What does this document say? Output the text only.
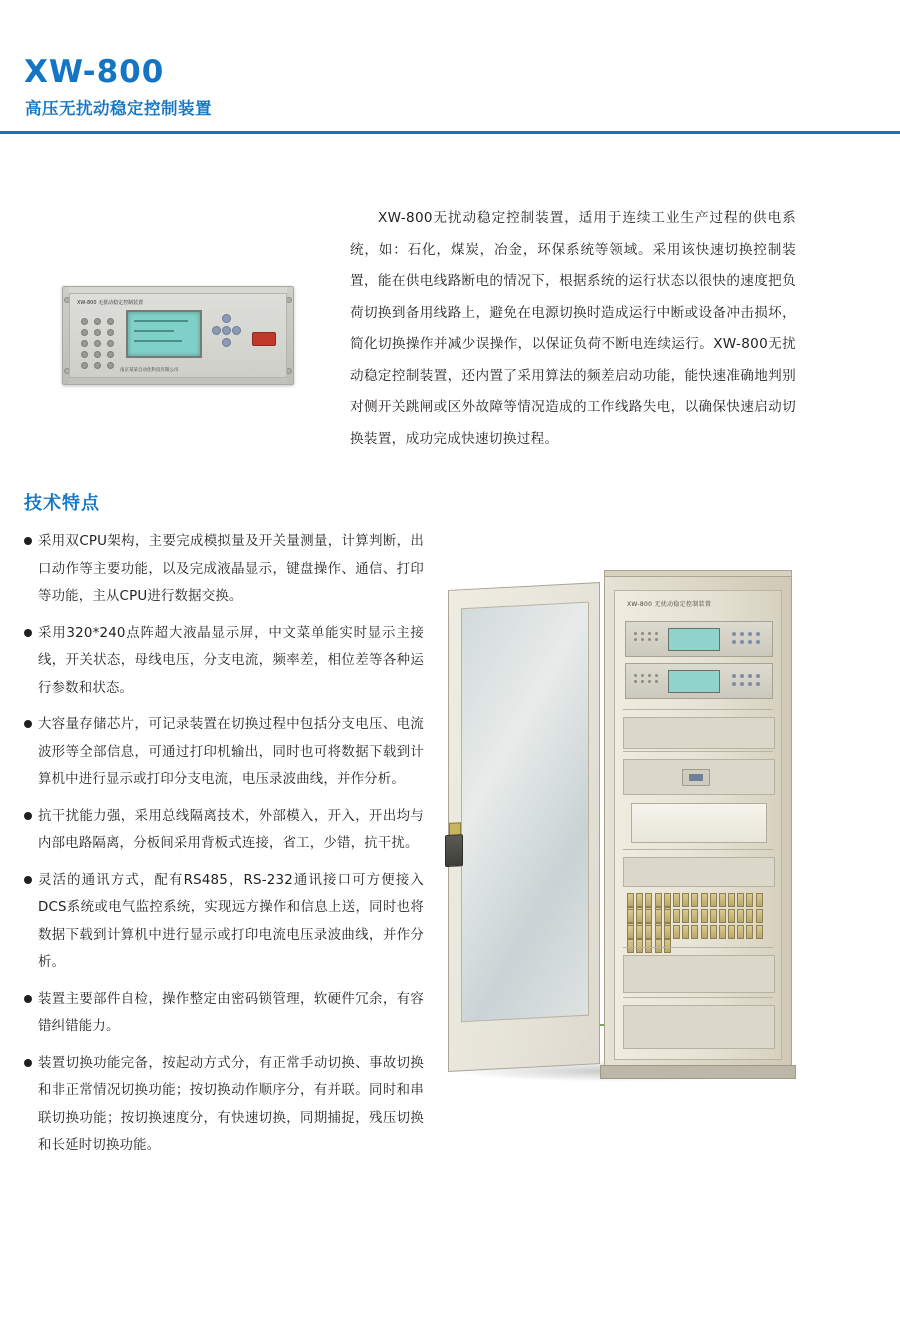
XW-800
高压无扰动稳定控制装置
XW-800无扰动稳定控制装置，适用于连续工业生产过程的供电系统，如：石化，煤炭，冶金，环保系统等领域。采用该快速切换控制装置，能在供电线路断电的情况下，根据系统的运行状态以很快的速度把负荷切换到备用线路上，避免在电源切换时造成运行中断或设备冲击损坏，简化切换操作并减少误操作，以保证负荷不断电连续运行。XW-800无扰动稳定控制装置，还内置了采用算法的频差启动功能，能快速准确地判别对侧开关跳闸或区外故障等情况造成的工作线路失电，以确保快速启动切换装置，成功完成快速切换过程。
XW-800 无扰动稳定控制装置
南京某某自动化科技有限公司
技术特点
采用双CPU架构，主要完成模拟量及开关量测量，计算判断，出口动作等主要功能，以及完成液晶显示，键盘操作、通信、打印等功能，主从CPU进行数据交换。
采用320*240点阵超大液晶显示屏，中文菜单能实时显示主接线，开关状态，母线电压，分支电流，频率差，相位差等各种运行参数和状态。
大容量存储芯片，可记录装置在切换过程中包括分支电压、电流波形等全部信息，可通过打印机输出，同时也可将数据下载到计算机中进行显示或打印分支电流，电压录波曲线，并作分析。
抗干扰能力强，采用总线隔离技术，外部模入，开入，开出均与内部电路隔离，分板间采用背板式连接，省工，少错，抗干扰。
灵活的通讯方式，配有RS485，RS-232通讯接口可方便接入DCS系统或电气监控系统，实现远方操作和信息上送，同时也将数据下载到计算机中进行显示或打印电流电压录波曲线，并作分析。
装置主要部件自检，操作整定由密码锁管理，软硬件冗余，有容错纠错能力。
装置切换功能完备，按起动方式分，有正常手动切换、事故切换和非正常情况切换功能；按切换动作顺序分，有并联。同时和串联切换功能；按切换速度分，有快速切换，同期捕捉，残压切换和长延时切换功能。
XW-800 无扰动稳定控制装置
